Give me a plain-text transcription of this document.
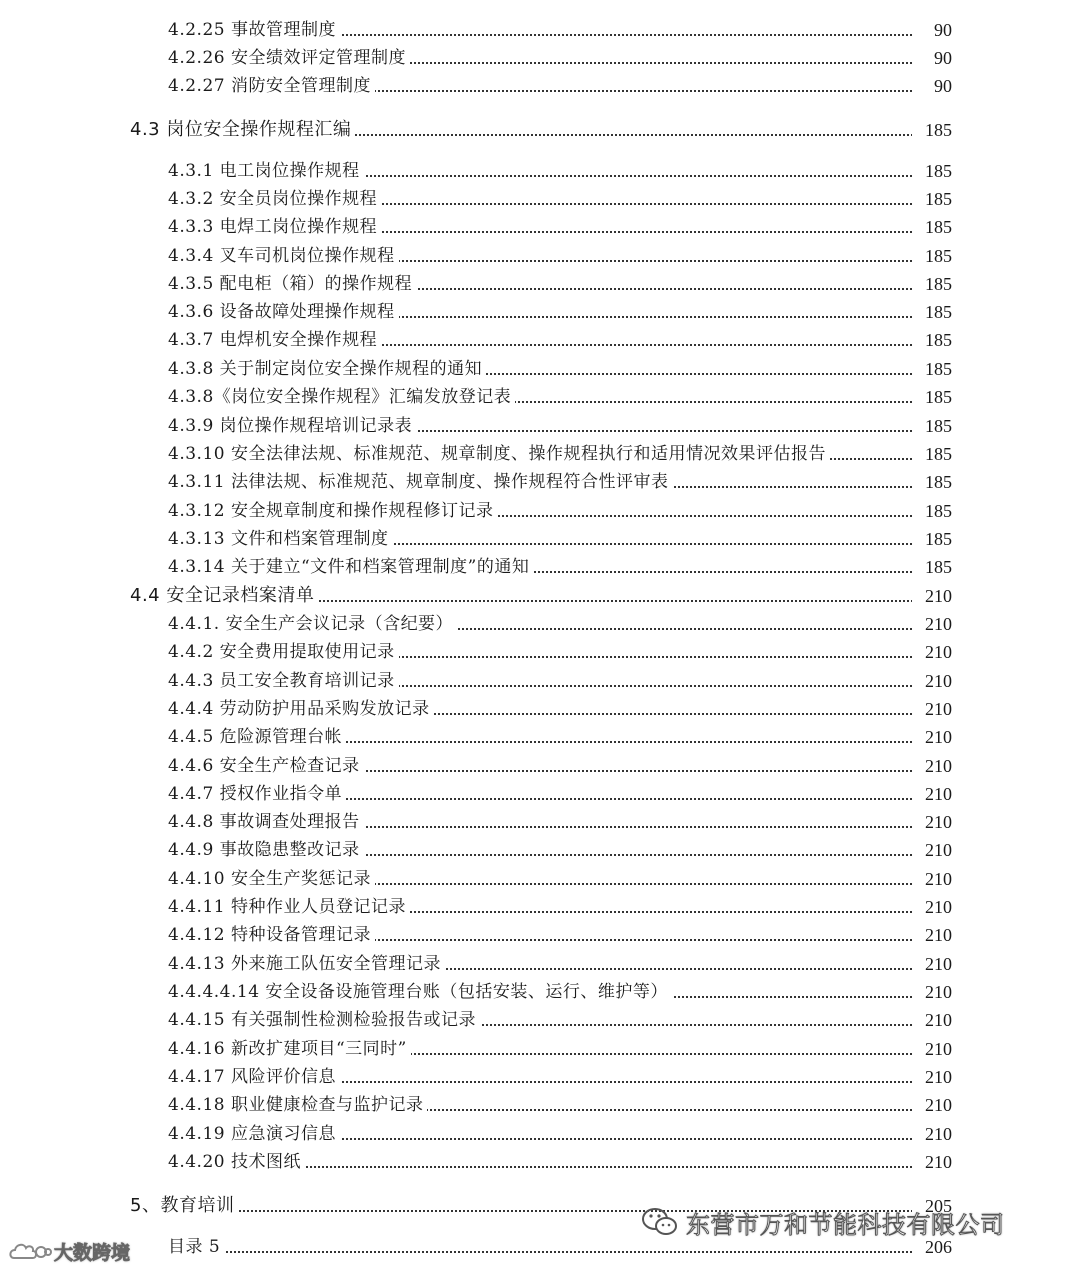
4.2.25 事故管理制度	90
4.2.26 安全绩效评定管理制度	90
4.2.27 消防安全管理制度	90
4.3 岗位安全操作规程汇编	185
4.3.1 电工岗位操作规程	185
4.3.2 安全员岗位操作规程	185
4.3.3 电焊工岗位操作规程	185
4.3.4 叉车司机岗位操作规程	185
4.3.5 配电柜（箱）的操作规程	185
4.3.6 设备故障处理操作规程	185
4.3.7 电焊机安全操作规程	185
4.3.8 关于制定岗位安全操作规程的通知	185
4.3.8《岗位安全操作规程》汇编发放登记表	185
4.3.9 岗位操作规程培训记录表	185
4.3.10 安全法律法规、标准规范、规章制度、操作规程执行和适用情况效果评估报告	185
4.3.11 法律法规、标准规范、规章制度、操作规程符合性评审表	185
4.3.12 安全规章制度和操作规程修订记录	185
4.3.13 文件和档案管理制度	185
4.3.14 关于建立“文件和档案管理制度”的通知	185
4.4 安全记录档案清单	210
4.4.1. 安全生产会议记录（含纪要）	210
4.4.2 安全费用提取使用记录	210
4.4.3 员工安全教育培训记录	210
4.4.4 劳动防护用品采购发放记录	210
4.4.5 危险源管理台帐	210
4.4.6 安全生产检查记录	210
4.4.7 授权作业指令单	210
4.4.8 事故调查处理报告	210
4.4.9 事故隐患整改记录	210
4.4.10 安全生产奖惩记录	210
4.4.11 特种作业人员登记记录	210
4.4.12 特种设备管理记录	210
4.4.13 外来施工队伍安全管理记录	210
4.4.4.4.14 安全设备设施管理台账（包括安装、运行、维护等）	210
4.4.15 有关强制性检测检验报告或记录	210
4.4.16 新改扩建项目“三同时”	210
4.4.17 风险评价信息	210
4.4.18 职业健康检查与监护记录	210
4.4.19 应急演习信息	210
4.4.20 技术图纸	210
5、教育培训	205
目录 5	206
东营市万和节能科技有限公司
大数跨境
